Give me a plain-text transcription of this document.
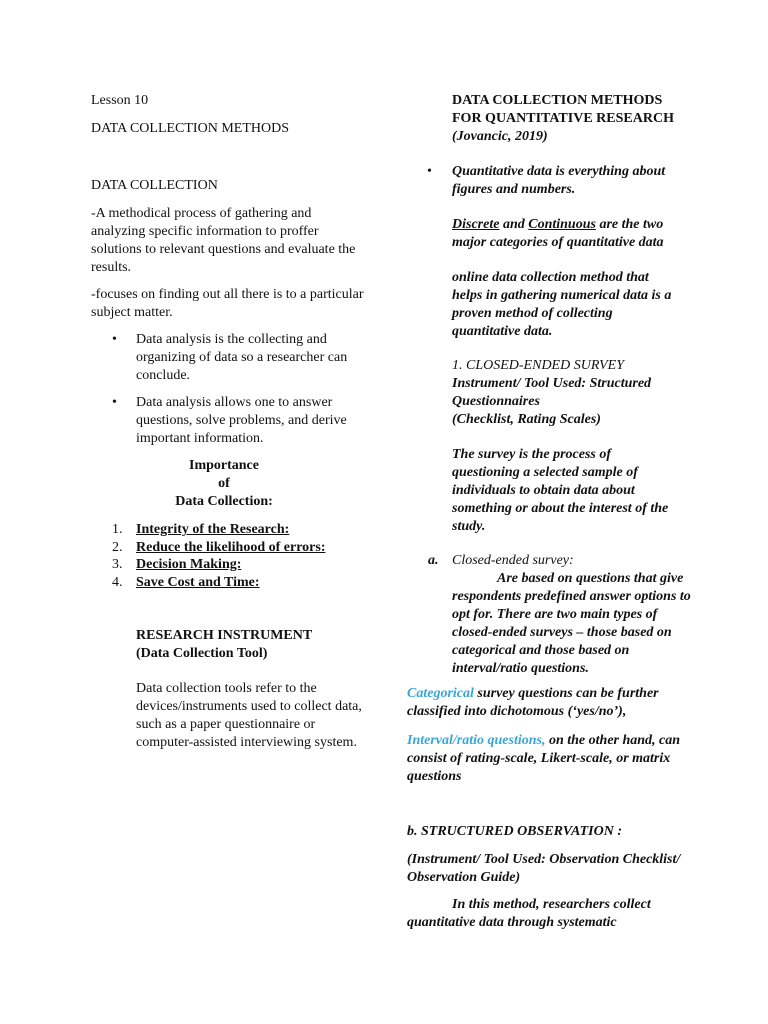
Lesson 10

DATA COLLECTION METHODS

DATA COLLECTION

-A methodical process of gathering and analyzing specific information to proffer solutions to relevant questions and evaluate the results.

-focuses on finding out all there is to a particular subject matter.

• Data analysis is the collecting and organizing of data so a researcher can conclude.

• Data analysis allows one to answer questions, solve problems, and derive important information.

Importance
of
Data Collection:
1. Integrity of the Research:
2. Reduce the likelihood of errors:
3. Decision Making:
4. Save Cost and Time:

RESEARCH INSTRUMENT

(Data Collection Tool)

Data collection tools refer to the devices/instruments used to collect data, such as a paper questionnaire or computer-assisted interviewing system.

DATA COLLECTION METHODS

FOR QUANTITATIVE RESEARCH

(Jovancic, 2019)

• Quantitative data is everything about figures and numbers.

Discrete and Continuous are the two major categories of quantitative data

online data collection method that helps in gathering numerical data is a proven method of collecting quantitative data.

1. CLOSED-ENDED SURVEY

Instrument/ Tool Used: Structured Questionnaires

(Checklist, Rating Scales)

The survey is the process of questioning a selected sample of individuals to obtain data about something or about the interest of the study.

a. Closed-ended survey:

Are based on questions that give respondents predefined answer options to opt for. There are two main types of closed-ended surveys – those based on categorical and those based on interval/ratio questions.

Categorical survey questions can be further classified into dichotomous (‘yes/no’),

Interval/ratio questions, on the other hand, can consist of rating-scale, Likert-scale, or matrix questions

b. STRUCTURED OBSERVATION :

(Instrument/ Tool Used: Observation Checklist/ Observation Guide)

In this method, researchers collect quantitative data through systematic
